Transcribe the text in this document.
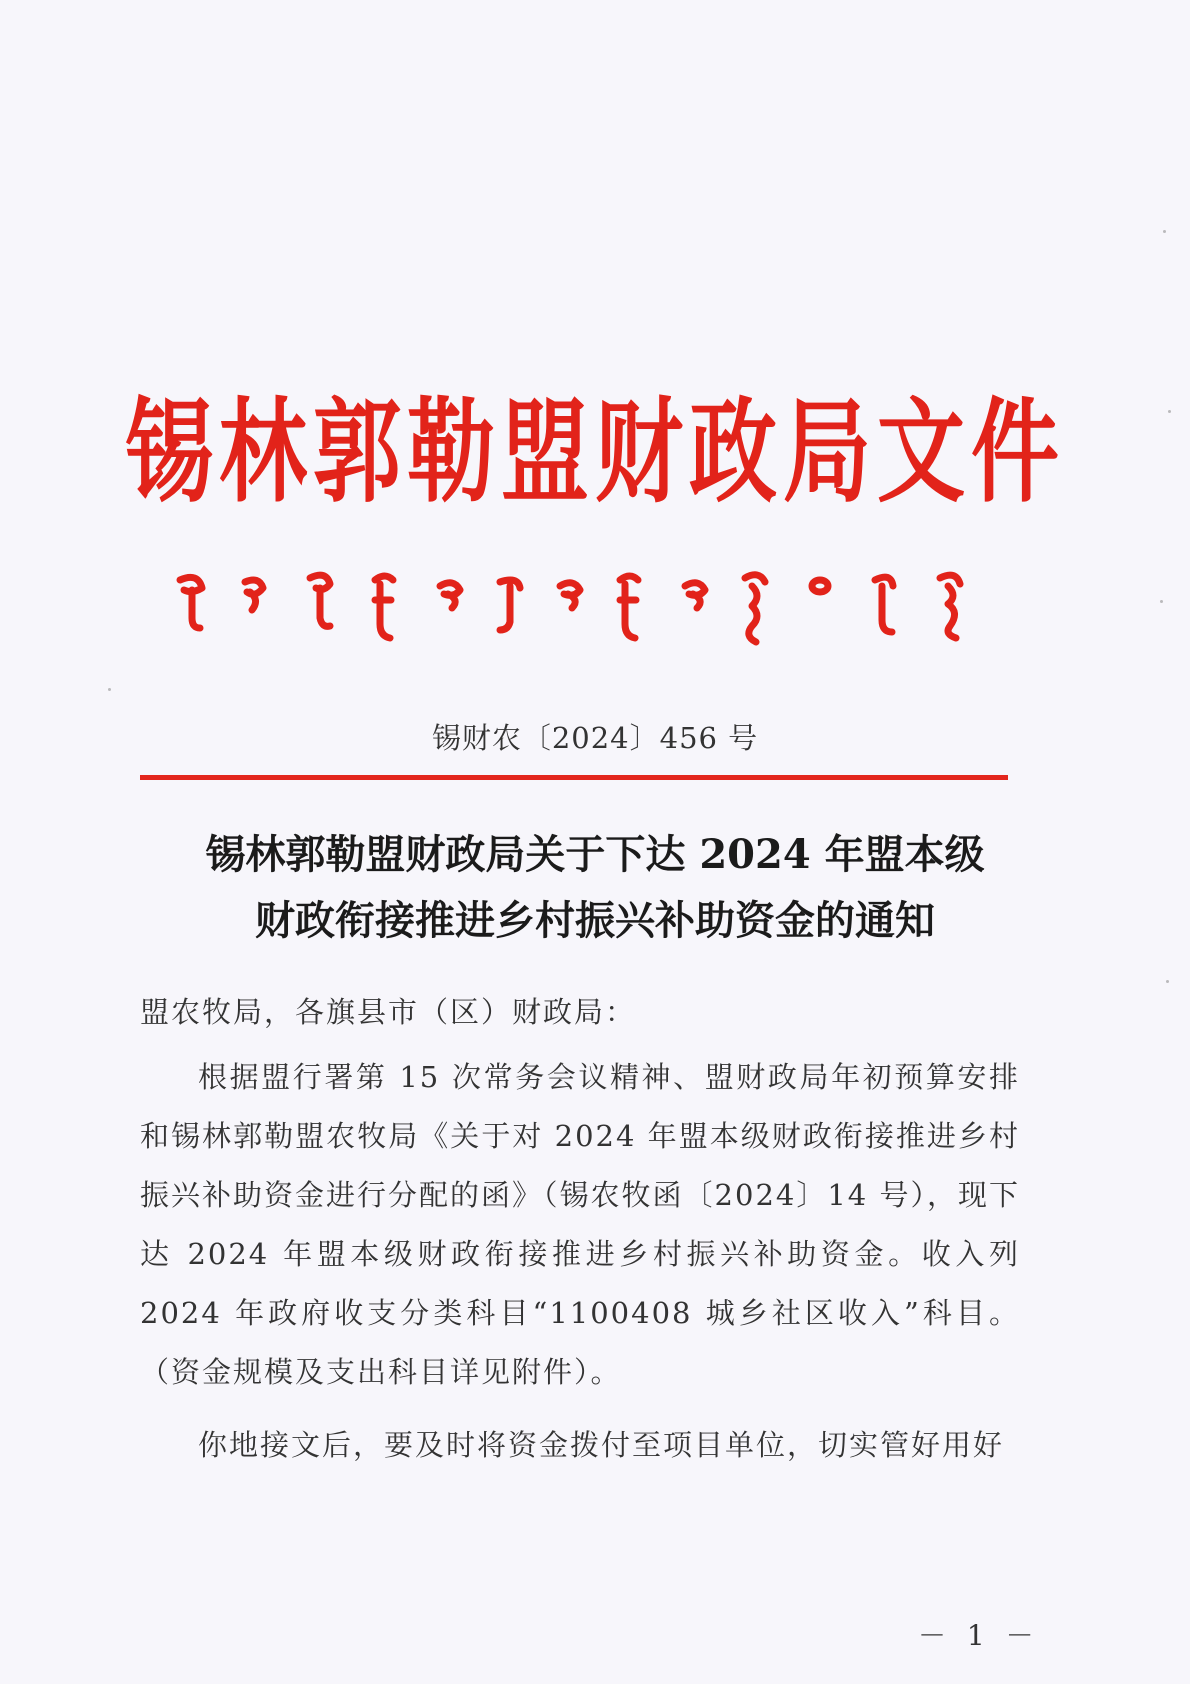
锡林郭勒盟财政局文件
锡财农〔2024〕456 号
锡林郭勒盟财政局关于下达 2024 年盟本级
财政衔接推进乡村振兴补助资金的通知
盟农牧局，各旗县市（区）财政局：

根据盟行署第 15 次常务会议精神、盟财政局年初预算安排和锡林郭勒盟农牧局《关于对 2024 年盟本级财政衔接推进乡村振兴补助资金进行分配的函》（锡农牧函〔2024〕14 号），现下达 2024 年盟本级财政衔接推进乡村振兴补助资金。收入列 2024 年政府收支分类科目“1100408 城乡社区收入”科目。（资金规模及支出科目详见附件）。

你地接文后，要及时将资金拨付至项目单位，切实管好用好

－ 1 －
